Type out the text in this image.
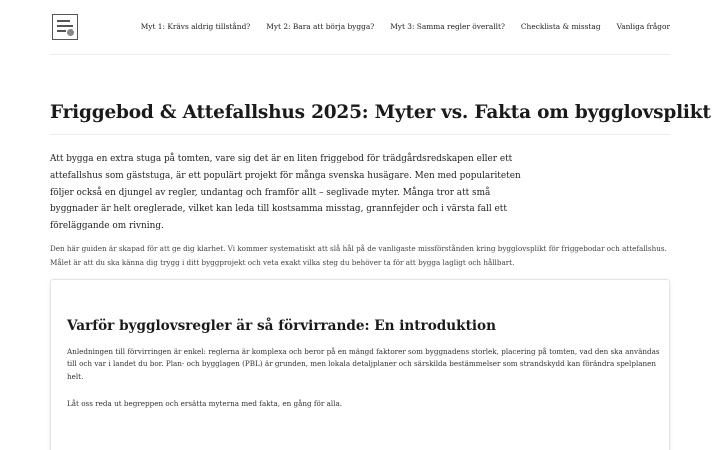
Myt 1: Krävs aldrig tillstånd? Myt 2: Bara att börja bygga? Myt 3: Samma regler överallt? Checklista & misstag Vanliga frågor
Friggebod & Attefallshus 2025: Myter vs. Fakta om bygglovsplikt

Att bygga en extra stuga på tomten, vare sig det är en liten friggebod för trädgårdsredskapen eller ett attefallshus som gäststuga, är ett populärt projekt för många svenska husägare. Men med populariteten följer också en djungel av regler, undantag och framför allt – seglivade myter. Många tror att små byggnader är helt oreglerade, vilket kan leda till kostsamma misstag, grannfejder och i värsta fall ett föreläggande om rivning.

Den här guiden är skapad för att ge dig klarhet. Vi kommer systematiskt att slå hål på de vanligaste missförstånden kring bygglovsplikt för friggebodar och attefallshus. Målet är att du ska känna dig trygg i ditt byggprojekt och veta exakt vilka steg du behöver ta för att bygga lagligt och hållbart.

Varför bygglovsregler är så förvirrande: En introduktion

Anledningen till förvirringen är enkel: reglerna är komplexa och beror på en mängd faktorer som byggnadens storlek, placering på tomten, vad den ska användas till och var i landet du bor. Plan- och bygglagen (PBL) är grunden, men lokala detaljplaner och särskilda bestämmelser som strandskydd kan förändra spelplanen helt.

Låt oss reda ut begreppen och ersätta myterna med fakta, en gång för alla.
